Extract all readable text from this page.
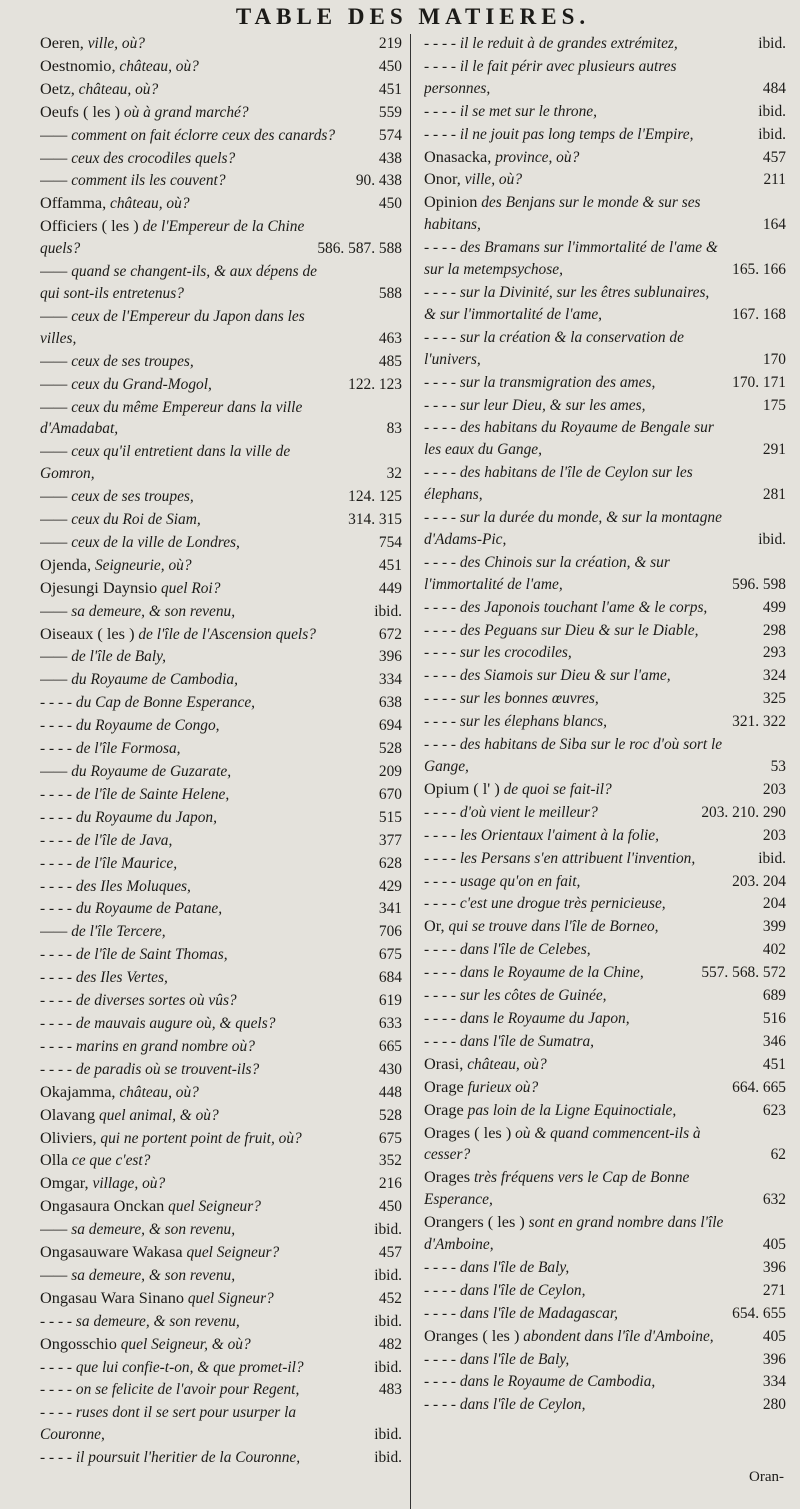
TABLE DES MATIERES.
Oeren, ville, où?	219
Oestnomio, château, où?	450
Oetz, château, où?	451
Oeufs ( les ) où à grand marché?	559
—— comment on fait éclorre ceux des canards?	574
—— ceux des crocodiles quels?	438
—— comment ils les couvent?	90. 438
Offamma, château, où?	450
Officiers ( les ) de l'Empereur de la Chine quels?	586. 587. 588
—— quand se changent-ils, & aux dépens de qui sont-ils entretenus?	588
—— ceux de l'Empereur du Japon dans les villes,	463
—— ceux de ses troupes,	485
—— ceux du Grand-Mogol,	122. 123
—— ceux du même Empereur dans la ville d'Amadabat,	83
—— ceux qu'il entretient dans la ville de Gomron,	32
—— ceux de ses troupes,	124. 125
—— ceux du Roi de Siam,	314. 315
—— ceux de la ville de Londres,	754
Ojenda, Seigneurie, où?	451
Ojesungi Daynsio quel Roi?	449
—— sa demeure, & son revenu,	ibid.
Oiseaux ( les ) de l'île de l'Ascension quels?	672
—— de l'île de Baly,	396
—— du Royaume de Cambodia,	334
- - - - du Cap de Bonne Esperance,	638
- - - - du Royaume de Congo,	694
- - - - de l'île Formosa,	528
—— du Royaume de Guzarate,	209
- - - - de l'île de Sainte Helene,	670
- - - - du Royaume du Japon,	515
- - - - de l'île de Java,	377
- - - - de l'île Maurice,	628
- - - - des Iles Moluques,	429
- - - - du Royaume de Patane,	341
—— de l'île Tercere,	706
- - - - de l'île de Saint Thomas,	675
- - - - des Iles Vertes,	684
- - - - de diverses sortes où vûs?	619
- - - - de mauvais augure où, & quels?	633
- - - - marins en grand nombre où?	665
- - - - de paradis où se trouvent-ils?	430
Okajamma, château, où?	448
Olavang quel animal, & où?	528
Oliviers, qui ne portent point de fruit, où?	675
Olla ce que c'est?	352
Omgar, village, où?	216
Ongasaura Onckan quel Seigneur?	450
—— sa demeure, & son revenu,	ibid.
Ongasauware Wakasa quel Seigneur?	457
—— sa demeure, & son revenu,	ibid.
Ongasau Wara Sinano quel Signeur?	452
- - - - sa demeure, & son revenu,	ibid.
Ongosschio quel Seigneur, & où?	482
- - - - que lui confie-t-on, & que promet-il?	ibid.
- - - - on se felicite de l'avoir pour Regent,	483
- - - - ruses dont il se sert pour usurper la Couronne,	ibid.
- - - - il poursuit l'heritier de la Couronne,	ibid.
- - - - il le reduit à de grandes extrémitez,	ibid.
- - - - il le fait périr avec plusieurs autres personnes,	484
- - - - il se met sur le throne,	ibid.
- - - - il ne jouit pas long temps de l'Empire,	ibid.
Onasacka, province, où?	457
Onor, ville, où?	211
Opinion des Benjans sur le monde & sur ses habitans,	164
- - - - des Bramans sur l'immortalité de l'ame & sur la metempsychose,	165. 166
- - - - sur la Divinité, sur les êtres sublunaires, & sur l'immortalité de l'ame,	167. 168
- - - - sur la création & la conservation de l'univers,	170
- - - - sur la transmigration des ames,	170. 171
- - - - sur leur Dieu, & sur les ames,	175
- - - - des habitans du Royaume de Bengale sur les eaux du Gange,	291
- - - - des habitans de l'île de Ceylon sur les élephans,	281
- - - - sur la durée du monde, & sur la montagne d'Adams-Pic,	ibid.
- - - - des Chinois sur la création, & sur l'immortalité de l'ame,	596. 598
- - - - des Japonois touchant l'ame & le corps,	499
- - - - des Peguans sur Dieu & sur le Diable,	298
- - - - sur les crocodiles,	293
- - - - des Siamois sur Dieu & sur l'ame,	324
- - - - sur les bonnes œuvres,	325
- - - - sur les élephans blancs,	321. 322
- - - - des habitans de Siba sur le roc d'où sort le Gange,	53
Opium ( l' ) de quoi se fait-il?	203
- - - - d'où vient le meilleur?	203. 210. 290
- - - - les Orientaux l'aiment à la folie,	203
- - - - les Persans s'en attribuent l'invention,	ibid.
- - - - usage qu'on en fait,	203. 204
- - - - c'est une drogue très pernicieuse,	204
Or, qui se trouve dans l'île de Borneo,	399
- - - - dans l'île de Celebes,	402
- - - - dans le Royaume de la Chine,	557. 568. 572
- - - - sur les côtes de Guinée,	689
- - - - dans le Royaume du Japon,	516
- - - - dans l'île de Sumatra,	346
Orasi, château, où?	451
Orage furieux où?	664. 665
Orage pas loin de la Ligne Equinoctiale,	623
Orages ( les ) où & quand commencent-ils à cesser?	62
Orages très fréquens vers le Cap de Bonne Esperance,	632
Orangers ( les ) sont en grand nombre dans l'île d'Amboine,	405
- - - - dans l'île de Baly,	396
- - - - dans l'île de Ceylon,	271
- - - - dans l'île de Madagascar,	654. 655
Oranges ( les ) abondent dans l'île d'Amboine,	405
- - - - dans l'île de Baly,	396
- - - - dans le Royaume de Cambodia,	334
- - - - dans l'île de Ceylon,	280
Oran-
